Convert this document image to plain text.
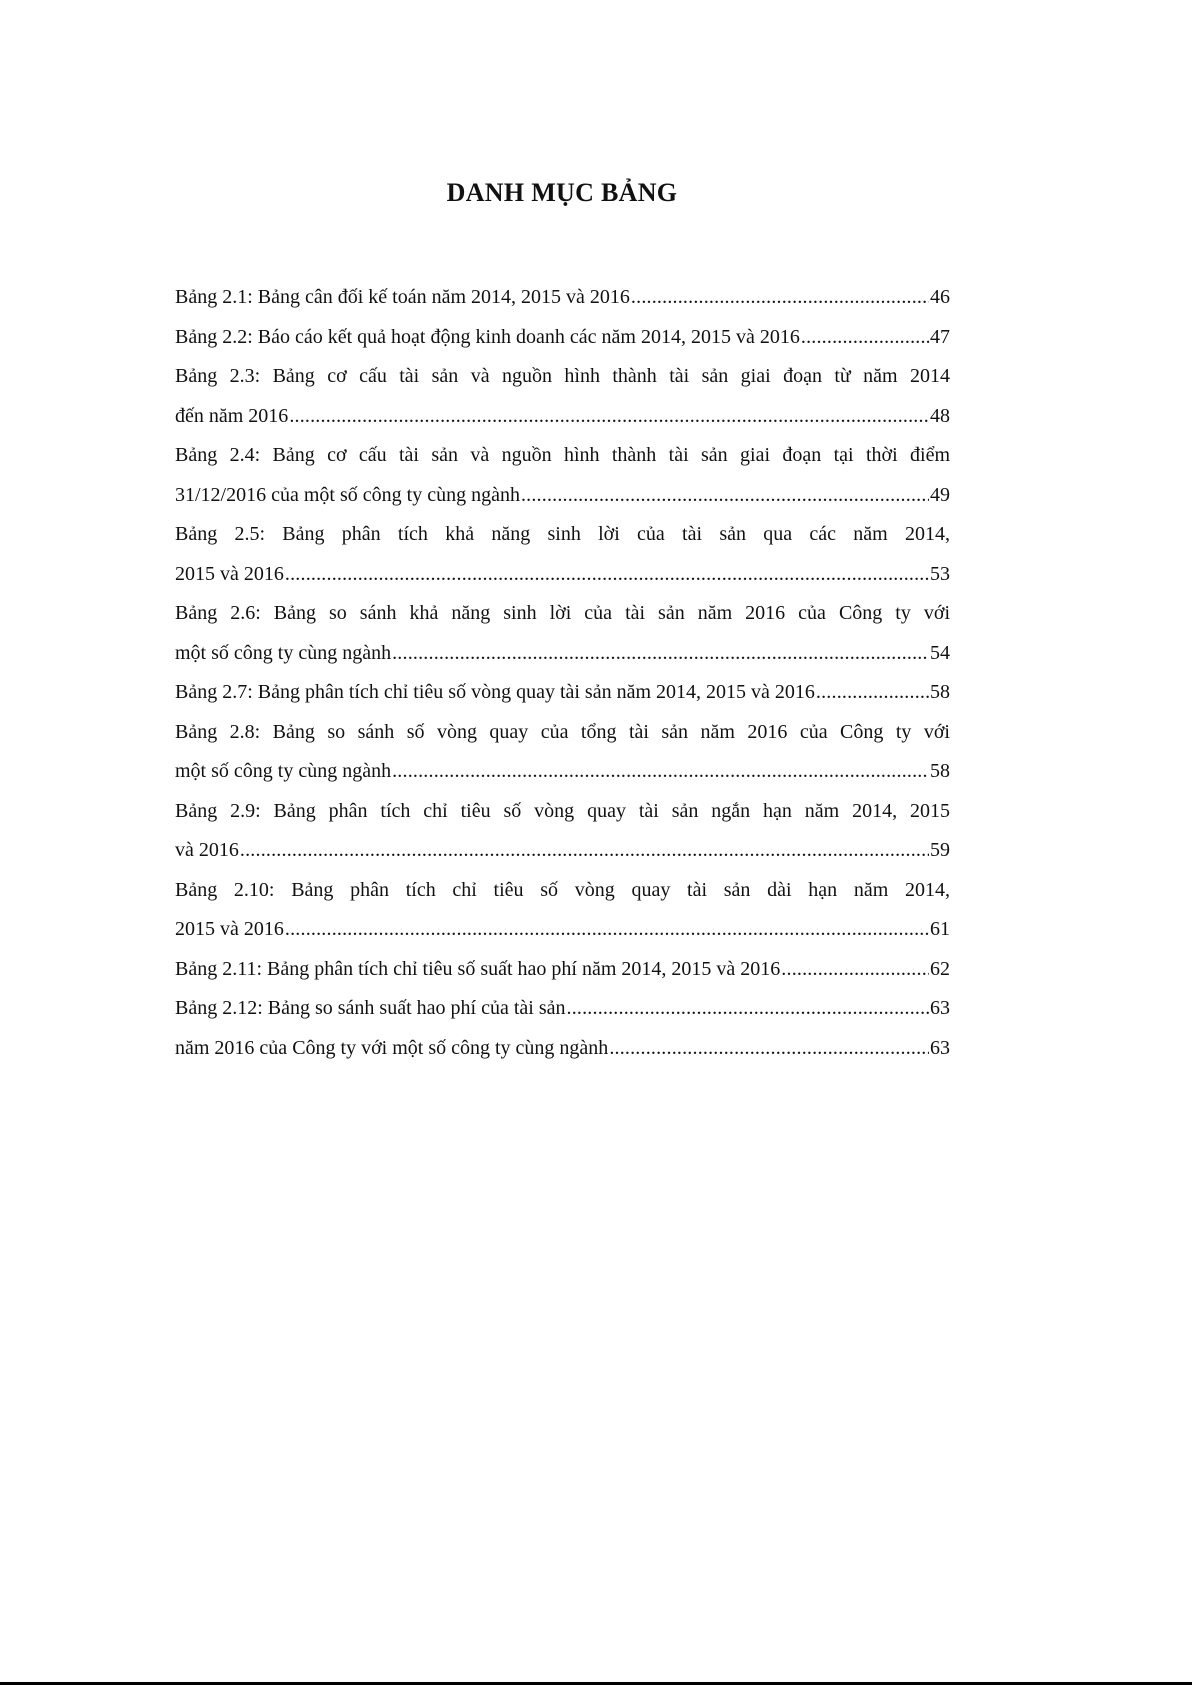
DANH MỤC BẢNG
Bảng 2.1: Bảng cân đối kế toán năm 2014, 2015 và 2016 .....	46
Bảng 2.2: Báo cáo kết quả hoạt động kinh doanh các năm 2014, 2015 và 2016 .....	47
Bảng 2.3: Bảng cơ cấu tài sản và nguồn hình thành tài sản giai đoạn từ năm 2014
đến năm 2016 .....	48
Bảng 2.4: Bảng cơ cấu tài sản và nguồn hình thành tài sản giai đoạn tại thời điểm
31/12/2016 của một số công ty cùng ngành .....	49
Bảng 2.5: Bảng phân tích khả năng sinh lời của tài sản qua các năm 2014,
2015 và 2016 .....	53
Bảng 2.6: Bảng so sánh khả năng sinh lời của tài sản năm 2016 của Công ty với
một số công ty cùng ngành .....	54
Bảng 2.7: Bảng phân tích chỉ tiêu số vòng quay tài sản năm 2014, 2015 và 2016 .....	58
Bảng 2.8: Bảng so sánh số vòng quay của tổng tài sản năm 2016 của Công ty với
một số công ty cùng ngành .....	58
Bảng 2.9: Bảng phân tích chỉ tiêu số vòng quay tài sản ngắn hạn năm 2014, 2015
và 2016 .....	59
Bảng 2.10: Bảng phân tích chỉ tiêu số vòng quay tài sản dài hạn năm 2014,
2015 và 2016 .....	61
Bảng 2.11: Bảng phân tích chỉ tiêu số suất hao phí năm 2014, 2015 và 2016 .....	62
Bảng 2.12: Bảng so sánh suất hao phí của tài sản .....	63
năm 2016 của Công ty với một số công ty cùng ngành .....	63
